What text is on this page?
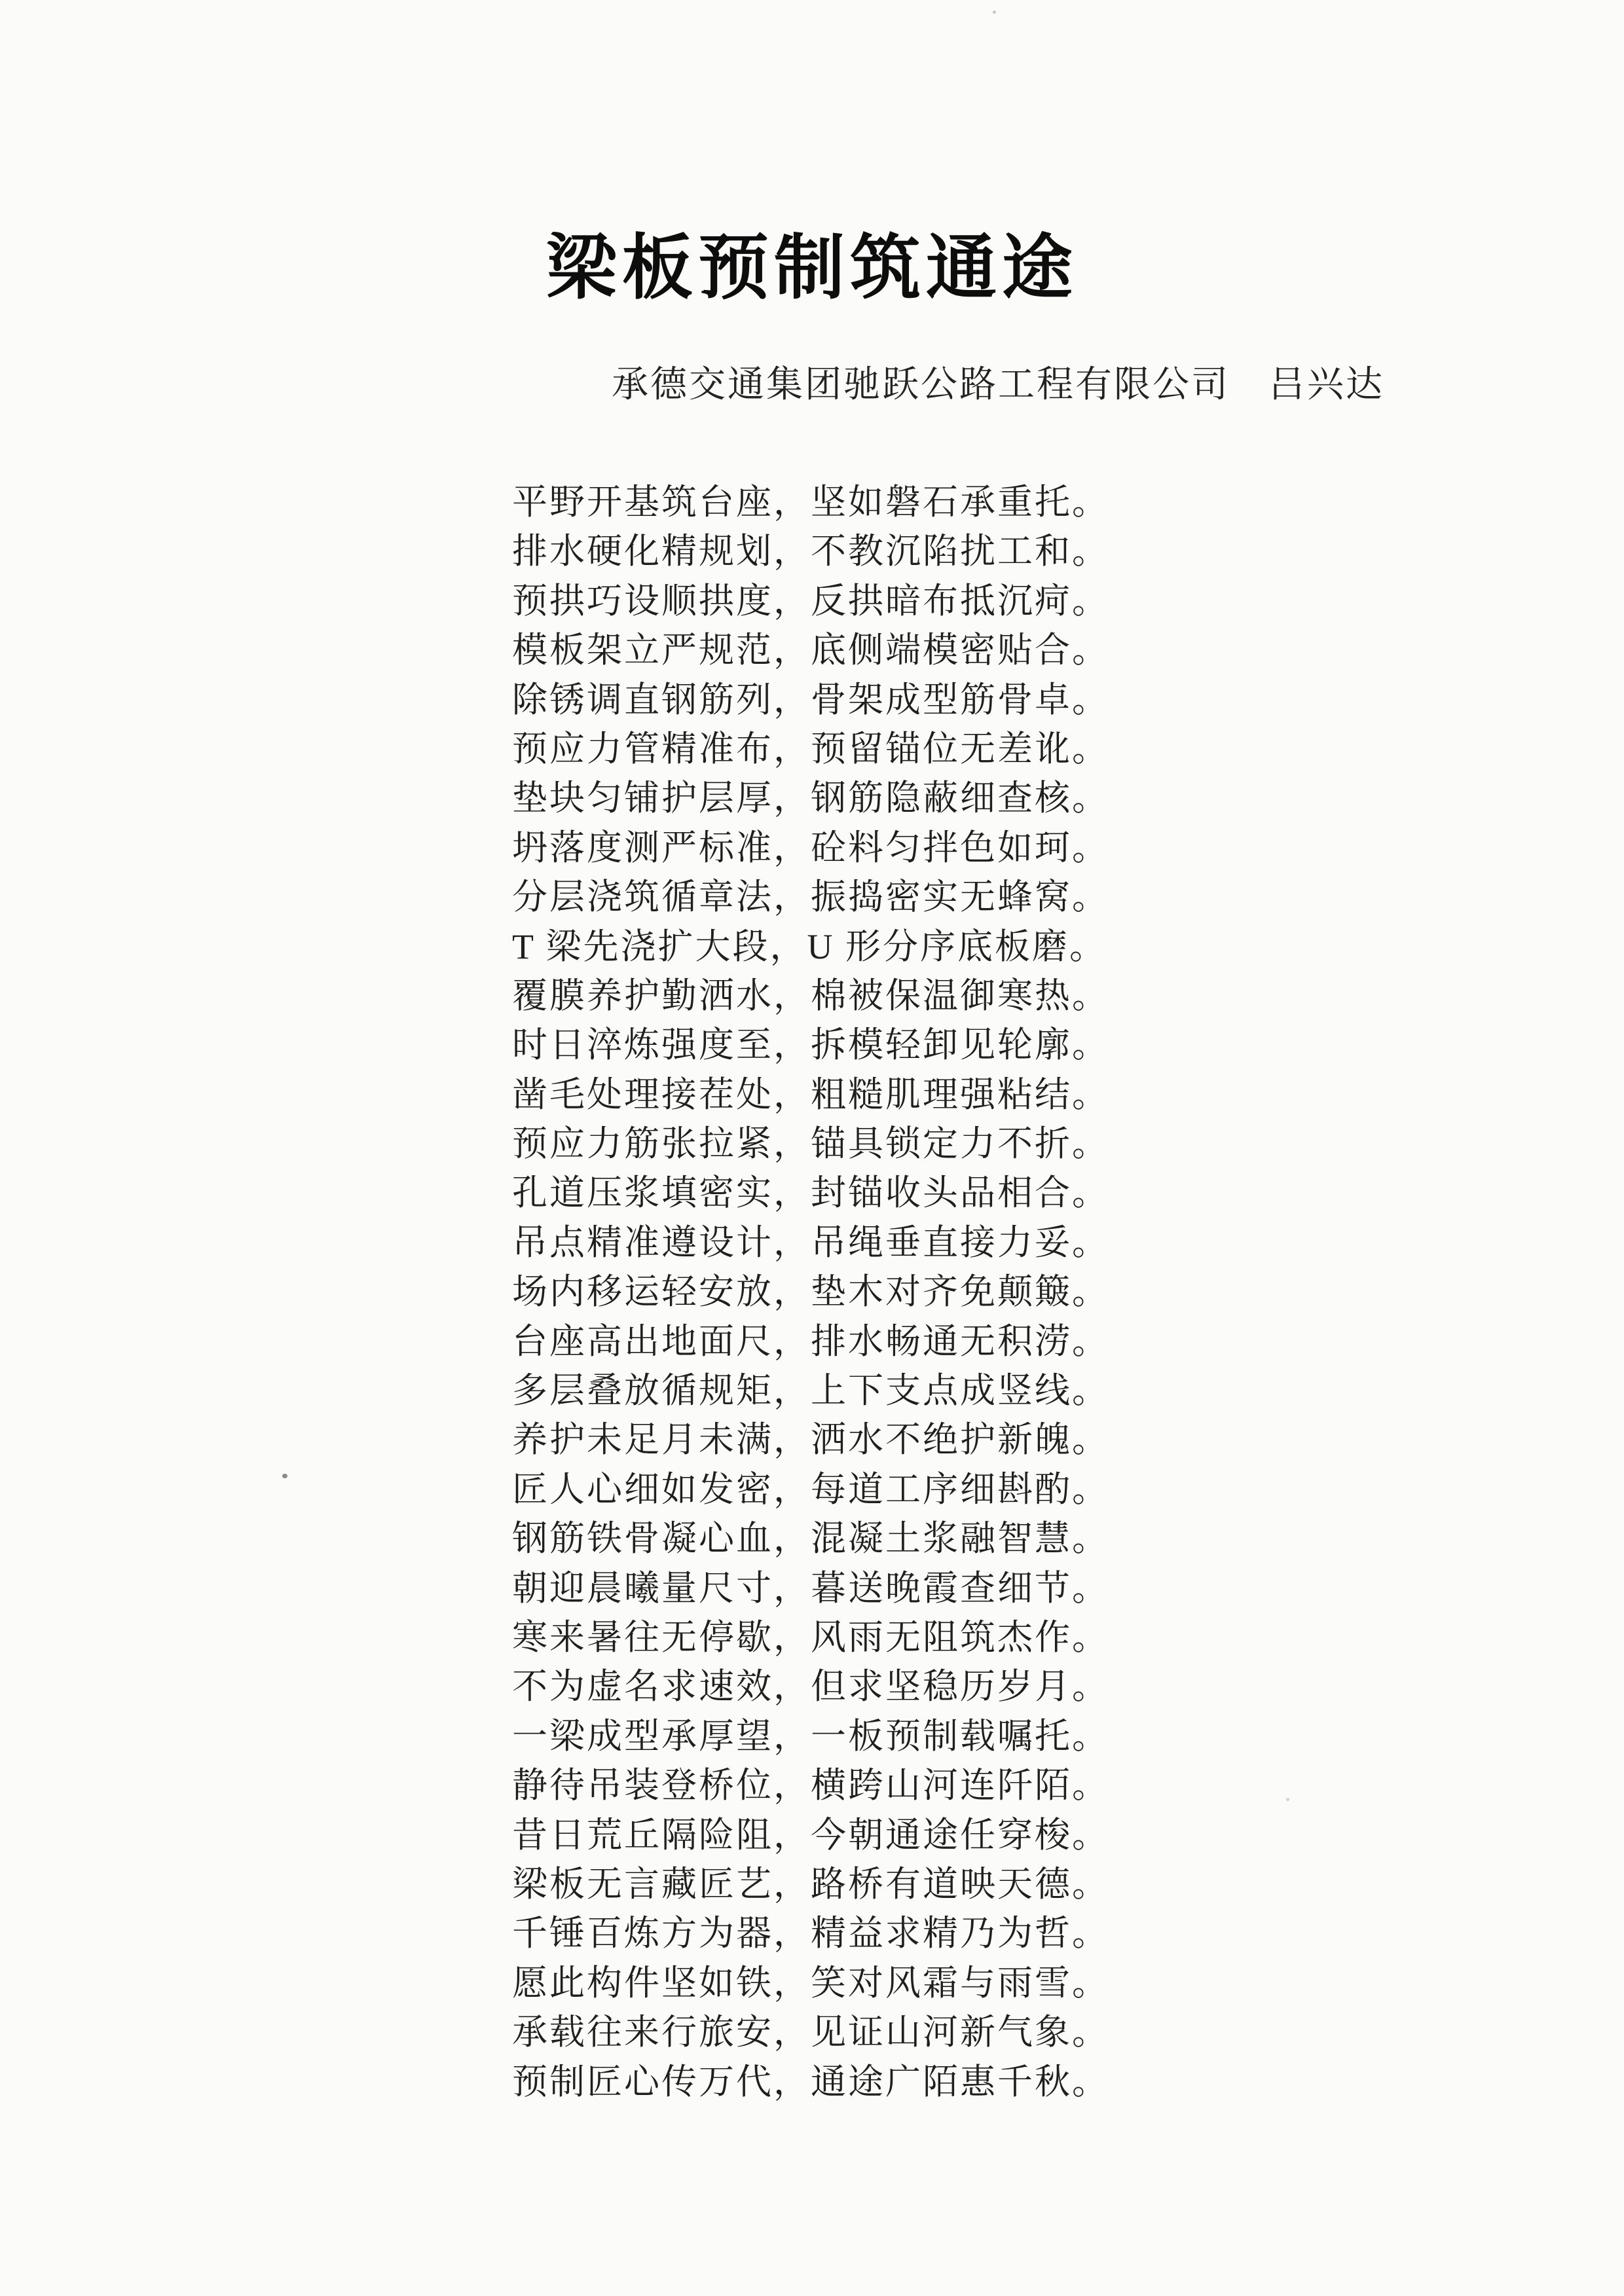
梁板预制筑通途
承德交通集团驰跃公路工程有限公司　吕兴达
平野开基筑台座，坚如磐石承重托。
排水硬化精规划，不教沉陷扰工和。
预拱巧设顺拱度，反拱暗布抵沉疴。
模板架立严规范，底侧端模密贴合。
除锈调直钢筋列，骨架成型筋骨卓。
预应力管精准布，预留锚位无差讹。
垫块匀铺护层厚，钢筋隐蔽细查核。
坍落度测严标准，砼料匀拌色如珂。
分层浇筑循章法，振捣密实无蜂窝。
T 梁先浇扩大段，U 形分序底板磨。
覆膜养护勤洒水，棉被保温御寒热。
时日淬炼强度至，拆模轻卸见轮廓。
凿毛处理接茬处，粗糙肌理强粘结。
预应力筋张拉紧，锚具锁定力不折。
孔道压浆填密实，封锚收头品相合。
吊点精准遵设计，吊绳垂直接力妥。
场内移运轻安放，垫木对齐免颠簸。
台座高出地面尺，排水畅通无积涝。
多层叠放循规矩，上下支点成竖线。
养护未足月未满，洒水不绝护新魄。
匠人心细如发密，每道工序细斟酌。
钢筋铁骨凝心血，混凝土浆融智慧。
朝迎晨曦量尺寸，暮送晚霞查细节。
寒来暑往无停歇，风雨无阻筑杰作。
不为虚名求速效，但求坚稳历岁月。
一梁成型承厚望，一板预制载嘱托。
静待吊装登桥位，横跨山河连阡陌。
昔日荒丘隔险阻，今朝通途任穿梭。
梁板无言藏匠艺，路桥有道映天德。
千锤百炼方为器，精益求精乃为哲。
愿此构件坚如铁，笑对风霜与雨雪。
承载往来行旅安，见证山河新气象。
预制匠心传万代，通途广陌惠千秋。
